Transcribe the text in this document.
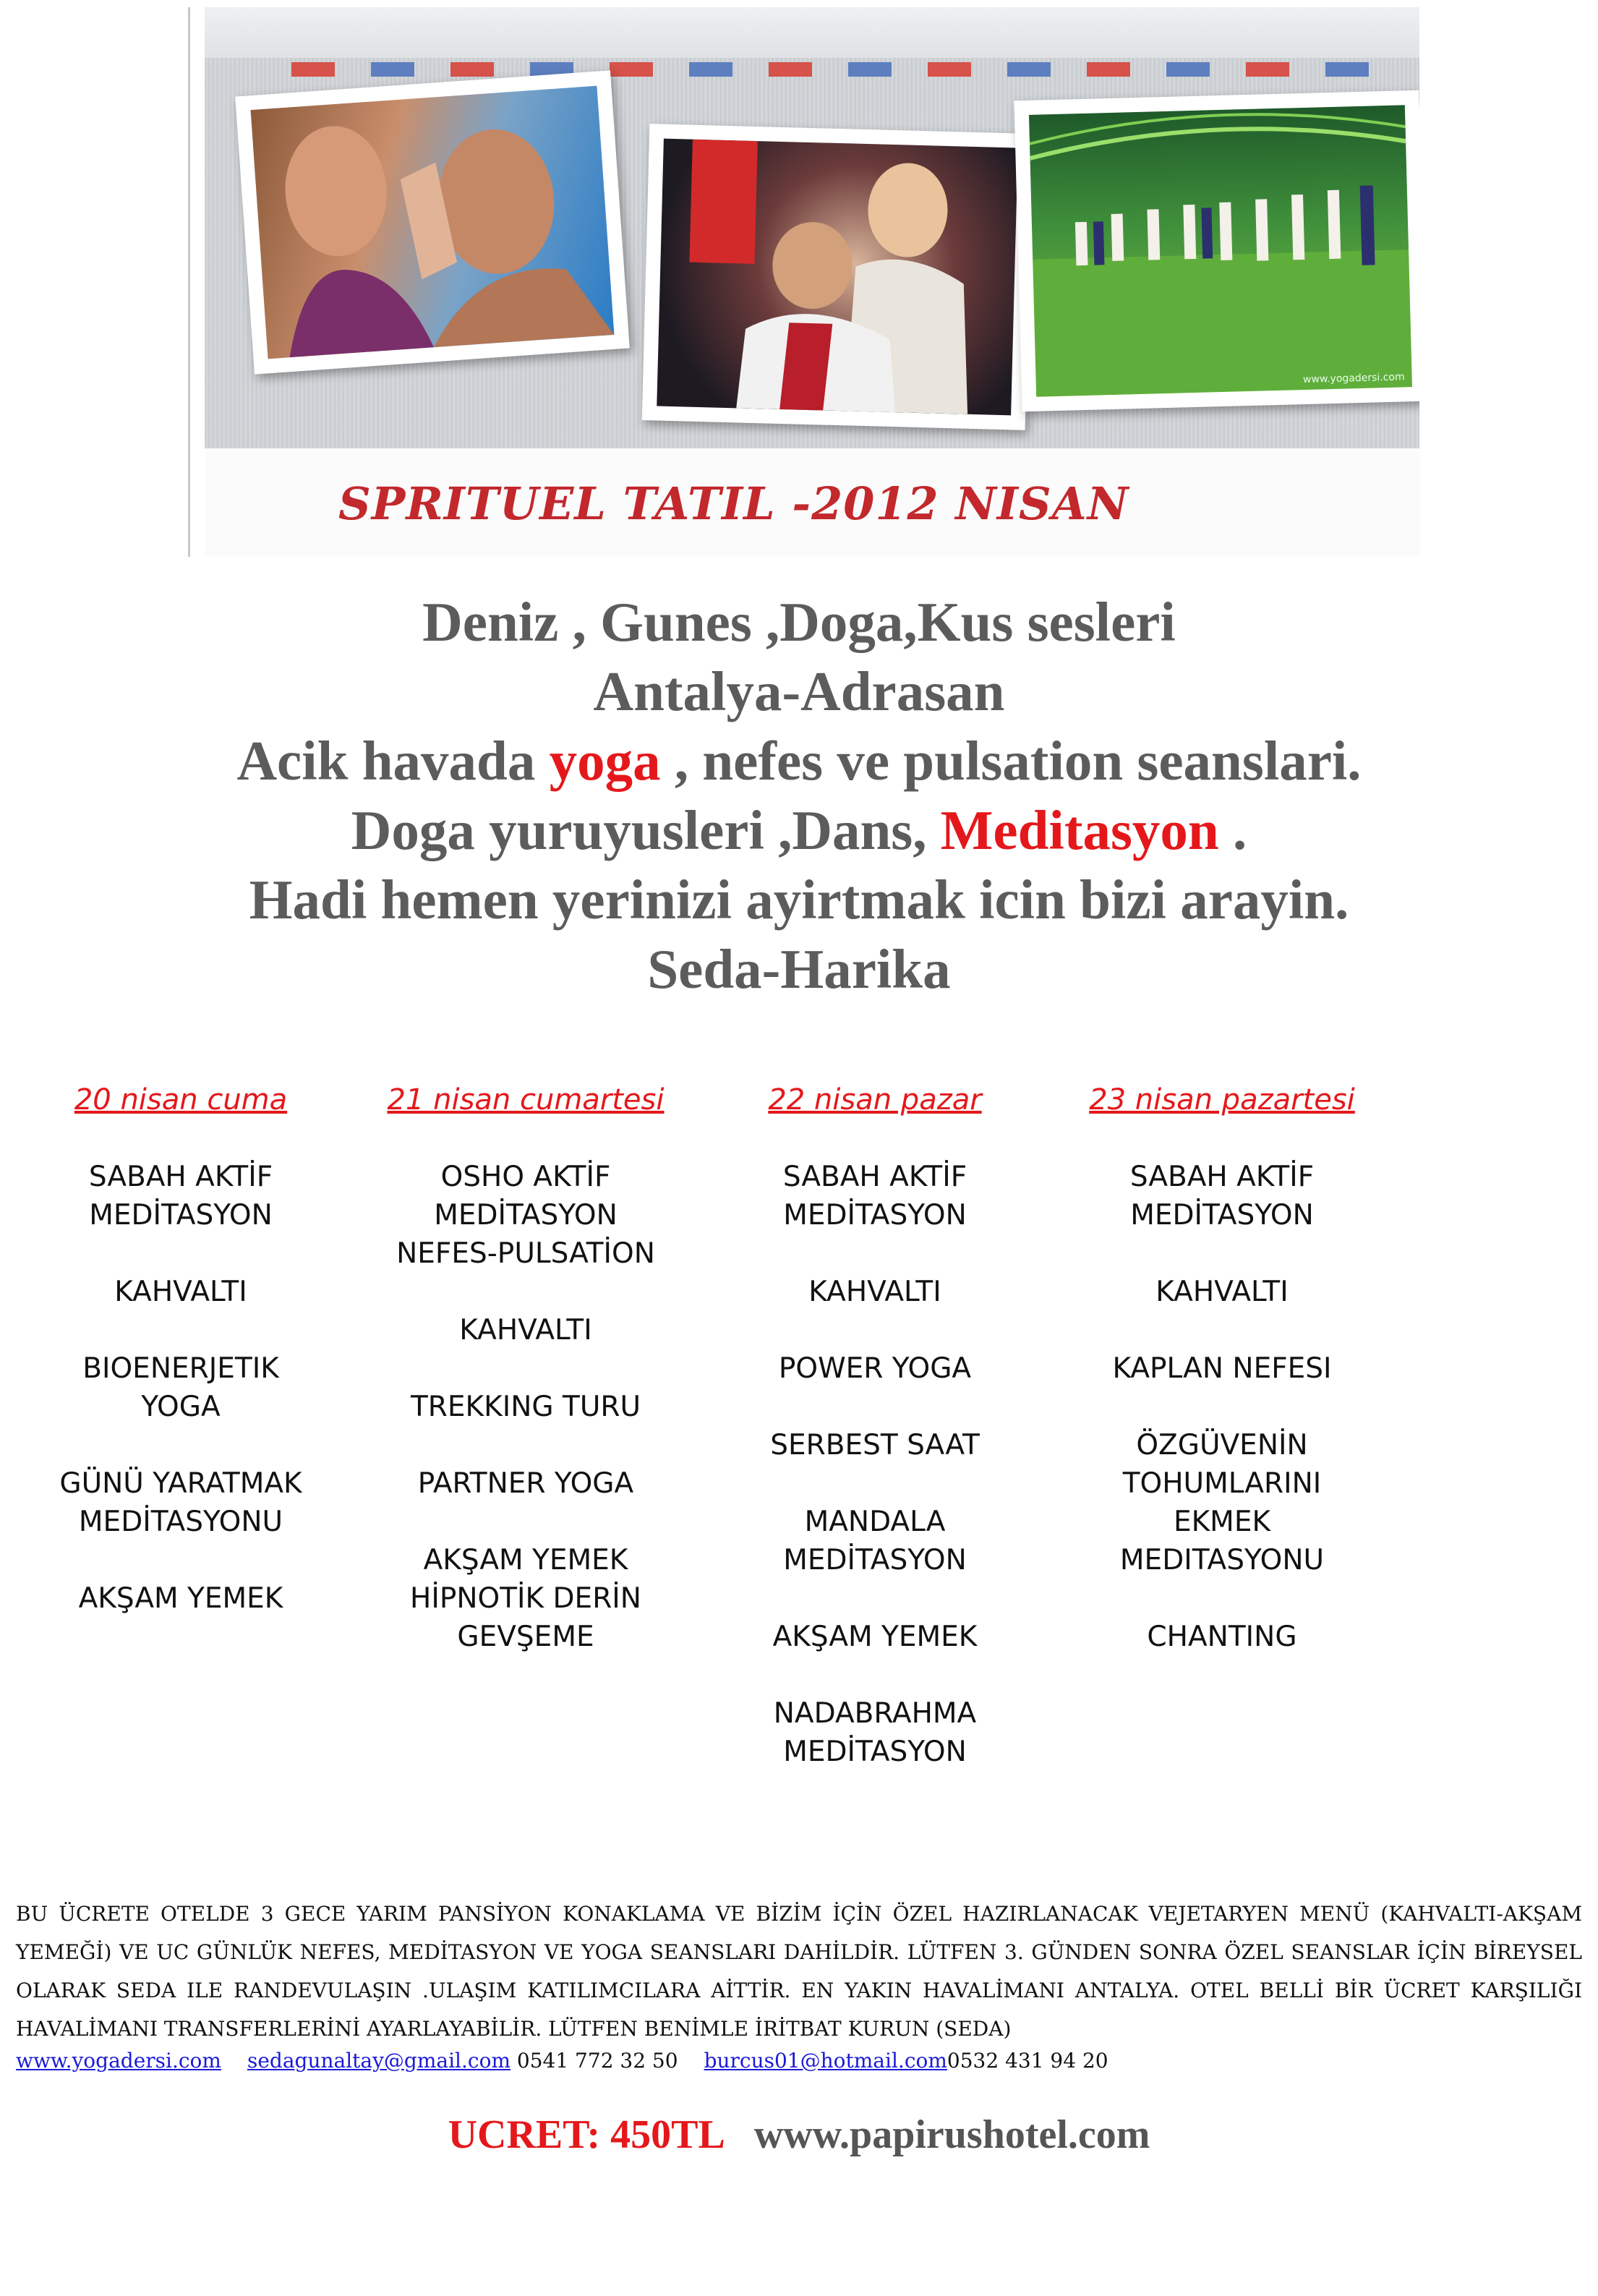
www.yogadersi.com
SPRITUEL TATIL -2012 NISAN
Deniz , Gunes ,Doga,Kus sesleri
Antalya-Adrasan
Acik havada yoga , nefes ve pulsation seanslari.
Doga yuruyusleri ,Dans, Meditasyon .
Hadi hemen yerinizi ayirtmak icin bizi arayin.
Seda-Harika
20 nisan cuma
SABAH AKTİF
MEDİTASYON
KAHVALTI
BIOENERJETIK
YOGA
GÜNÜ YARATMAK
MEDİTASYONU
AKŞAM YEMEK
21 nisan cumartesi
OSHO AKTİF
MEDİTASYON
NEFES-PULSATİON
KAHVALTI
TREKKING TURU
PARTNER YOGA
AKŞAM YEMEK
HİPNOTİK DERİN
GEVŞEME
22 nisan pazar
SABAH AKTİF
MEDİTASYON
KAHVALTI
POWER YOGA
SERBEST SAAT
MANDALA
MEDİTASYON
AKŞAM YEMEK
NADABRAHMA
MEDİTASYON
23 nisan pazartesi
SABAH AKTİF
MEDİTASYON
KAHVALTI
KAPLAN NEFESI
ÖZGÜVENİN
TOHUMLARINI
EKMEK
MEDITASYONU
CHANTING

BU ÜCRETE OTELDE 3 GECE YARIM PANSİYON KONAKLAMA VE BİZİM İÇİN ÖZEL HAZIRLANACAK VEJETARYEN MENÜ (KAHVALTI-AKŞAM YEMEĞİ) VE UC GÜNLÜK NEFES, MEDİTASYON VE YOGA SEANSLARI DAHİLDİR. LÜTFEN 3. GÜNDEN SONRA ÖZEL SEANSLAR İÇİN BİREYSEL OLARAK SEDA ILE RANDEVULAŞIN .ULAŞIM KATILIMCILARA AİTTİR. EN YAKIN HAVALİMANI ANTALYA. OTEL BELLİ BİR ÜCRET KARŞILIĞI HAVALİMANI TRANSFERLERİNİ AYARLAYABİLİR. LÜTFEN BENİMLE İRİTBAT KURUN (SEDA)

www.yogadersi.com sedagunaltay@gmail.com 0541 772 32 50 burcus01@hotmail.com0532 431 94 20
UCRET: 450TL www.papirushotel.com
